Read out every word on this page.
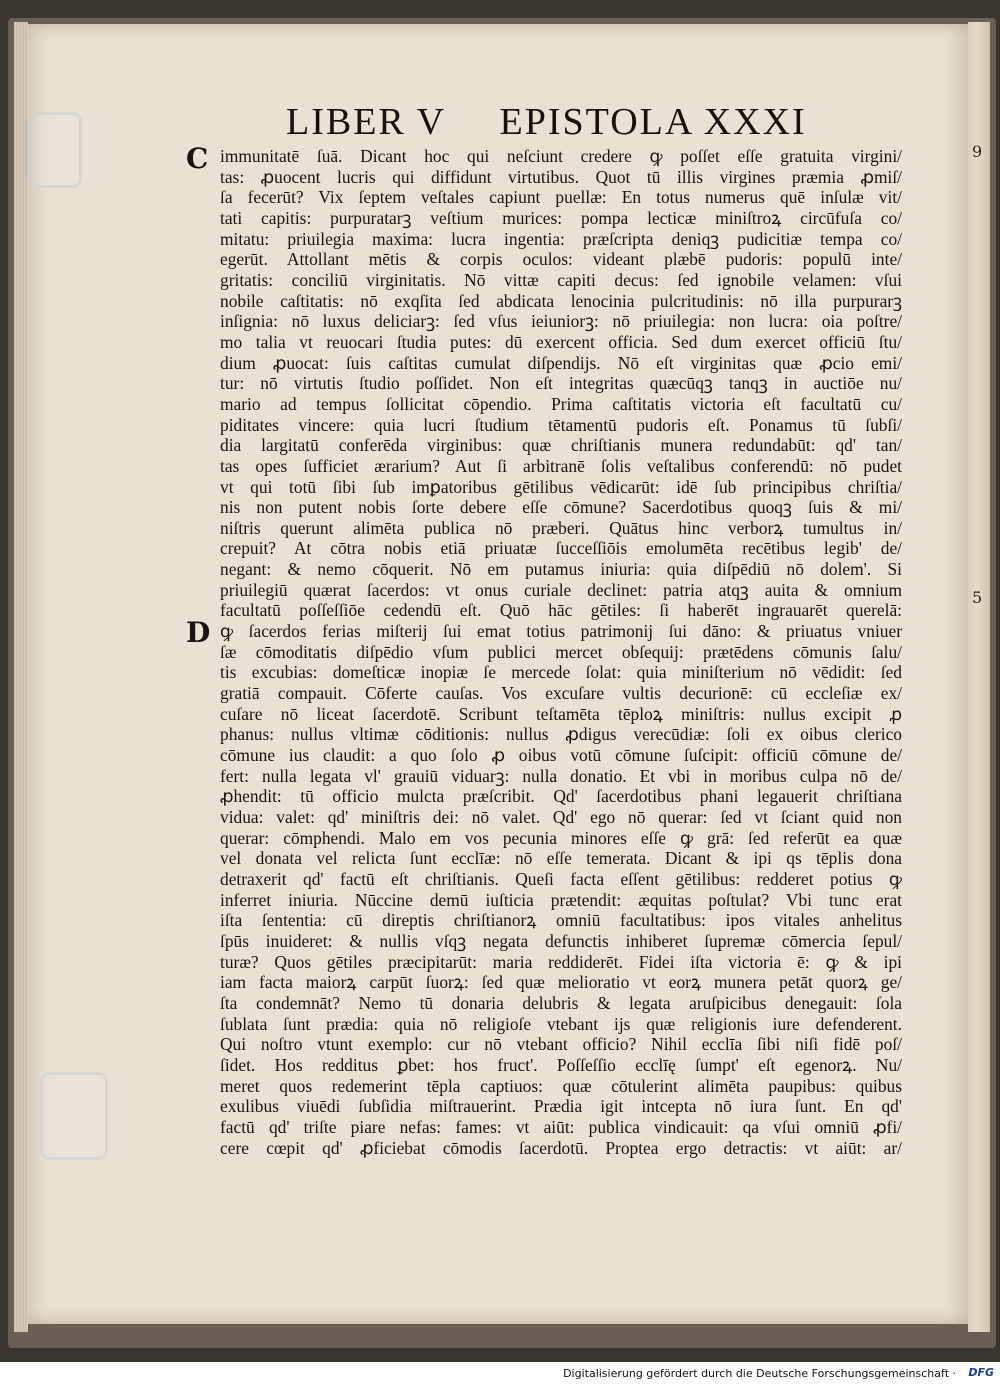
9
5
LIBER V EPISTOLA XXXI
C
D
immunitatē ſuā. Dicant hoc qui neſciunt credere ꝙ poſſet eſſe gratuita virgini/
tas: ꝓuocent lucris qui diffidunt virtutibus. Quot tū illis virgines præmia ꝓmiſ/
ſa fecerūt? Vix ſeptem veſtales capiunt puellæ: En totus numerus quē inſulæ vit/
tati capitis: purpuratarꝫ veſtium murices: pompa lecticæ miniſtroꝝ circūfuſa co/
mitatu: priuilegia maxima: lucra ingentia: præſcripta deniqꝫ pudicitiæ tempa co/
egerūt. Attollant mētis & corpis oculos: videant plæbē pudoris: populū inte/
gritatis: conciliū virginitatis. Nō vittæ capiti decus: ſed ignobile velamen: vſui
nobile caſtitatis: nō exqſita ſed abdicata lenocinia pulcritudinis: nō illa purpurarꝫ
inſignia: nō luxus deliciarꝫ: ſed vſus ieiuniorꝫ: nō priuilegia: non lucra: oia poſtre/
mo talia vt reuocari ſtudia putes: dū exercent officia. Sed dum exercet officiū ſtu/
dium ꝓuocat: ſuis caſtitas cumulat diſpendijs. Nō eſt virginitas quæ ꝓcio emi/
tur: nō virtutis ſtudio poſſidet. Non eſt integritas quæcūqꝫ tanqꝫ in auctiōe nu/
mario ad tempus ſollicitat cōpendio. Prima caſtitatis victoria eſt facultatū cu/
piditates vincere: quia lucri ſtudium tētamentū pudoris eſt. Ponamus tū ſubſi/
dia largitatū conferēda virginibus: quæ chriſtianis munera redundabūt: qd' tan/
tas opes ſufficiet ærarium? Aut ſi arbitranē ſolis veſtalibus conferendū: nō pudet
vt qui totū ſibi ſub imꝑatoribus gētilibus vēdicarūt: idē ſub principibus chriſtia/
nis non putent nobis ſorte debere eſſe cōmune? Sacerdotibus quoqꝫ ſuis & mi/
niſtris querunt alimēta publica nō præberi. Quātus hinc verborꝝ tumultus in/
crepuit? At cōtra nobis etiā priuatæ ſucceſſiōis emolumēta recētibus legib' de/
negant: & nemo cōquerit. Nō em putamus iniuria: quia diſpēdiū nō dolem'. Si
priuilegiū quærat ſacerdos: vt onus curiale declinet: patria atqꝫ auita & omnium
facultatū poſſeſſiōe cedendū eſt. Quō hāc gētiles: ſi haberēt ingrauarēt querelā:
ꝙ ſacerdos ferias miſterij ſui emat totius patrimonij ſui dāno: & priuatus vniuer
ſæ cōmoditatis diſpēdio vſum publici mercet obſequij: prætēdens cōmunis ſalu/
tis excubias: domeſticæ inopiæ ſe mercede ſolat: quia miniſterium nō vēdidit: ſed
gratiā compauit. Cōferte cauſas. Vos excuſare vultis decurionē: cū eccleſiæ ex/
cuſare nō liceat ſacerdotē. Scribunt teſtamēta tēploꝝ miniſtris: nullus excipit ꝓ
phanus: nullus vltimæ cōditionis: nullus ꝓdigus verecūdiæ: ſoli ex oibus clerico
cōmune ius claudit: a quo ſolo ꝓ oibus votū cōmune ſuſcipit: officiū cōmune de/
fert: nulla legata vl' grauiū viduarꝫ: nulla donatio. Et vbi in moribus culpa nō de/
ꝓhendit: tū officio mulcta præſcribit. Qd' ſacerdotibus phani legauerit chriſtiana
vidua: valet: qd' miniſtris dei: nō valet. Qd' ego nō querar: ſed vt ſciant quid non
querar: cōmphendi. Malo em vos pecunia minores eſſe ꝙ grā: ſed referūt ea quæ
vel donata vel relicta ſunt ecclīæ: nō eſſe temerata. Dicant & ipi qs tēplis dona
detraxerit qd' factū eſt chriſtianis. Queſi facta eſſent gētilibus: redderet potius ꝙ
inferret iniuria. Nūccine demū iuſticia prætendit: æquitas poſtulat? Vbi tunc erat
iſta ſententia: cū direptis chriſtianorꝝ omniū facultatibus: ipos vitales anhelitus
ſpūs inuideret: & nullis vſqꝫ negata defunctis inhiberet ſupremæ cōmercia ſepul/
turæ? Quos gētiles præcipitarūt: maria reddiderēt. Fidei iſta victoria ē: ꝙ & ipi
iam facta maiorꝝ carpūt ſuorꝝ: ſed quæ melioratio vt eorꝝ munera petāt quorꝝ ge/
ſta condemnāt? Nemo tū donaria delubris & legata aruſpicibus denegauit: ſola
ſublata ſunt prædia: quia nō religioſe vtebant ijs quæ religionis iure defenderent.
Qui noſtro vtunt exemplo: cur nō vtebant officio? Nihil ecclīa ſibi niſi fidē poſ/
ſidet. Hos redditus ꝑbet: hos fruct'. Poſſeſſio ecclīę ſumpt' eſt egenorꝝ. Nu/
meret quos redemerint tēpla captiuos: quæ cōtulerint alimēta paupibus: quibus
exulibus viuēdi ſubſidia miſtrauerint. Prædia igit intcepta nō iura ſunt. En qd'
factū qd' triſte piare nefas: fames: vt aiūt: publica vindicauit: qa vſui omniū ꝓfi/
cere cœpit qd' ꝓficiebat cōmodis ſacerdotū. Proptea ergo detractis: vt aiūt: ar/
Digitalisierung gefördert durch die Deutsche Forschungsgemeinschaft · DFG
